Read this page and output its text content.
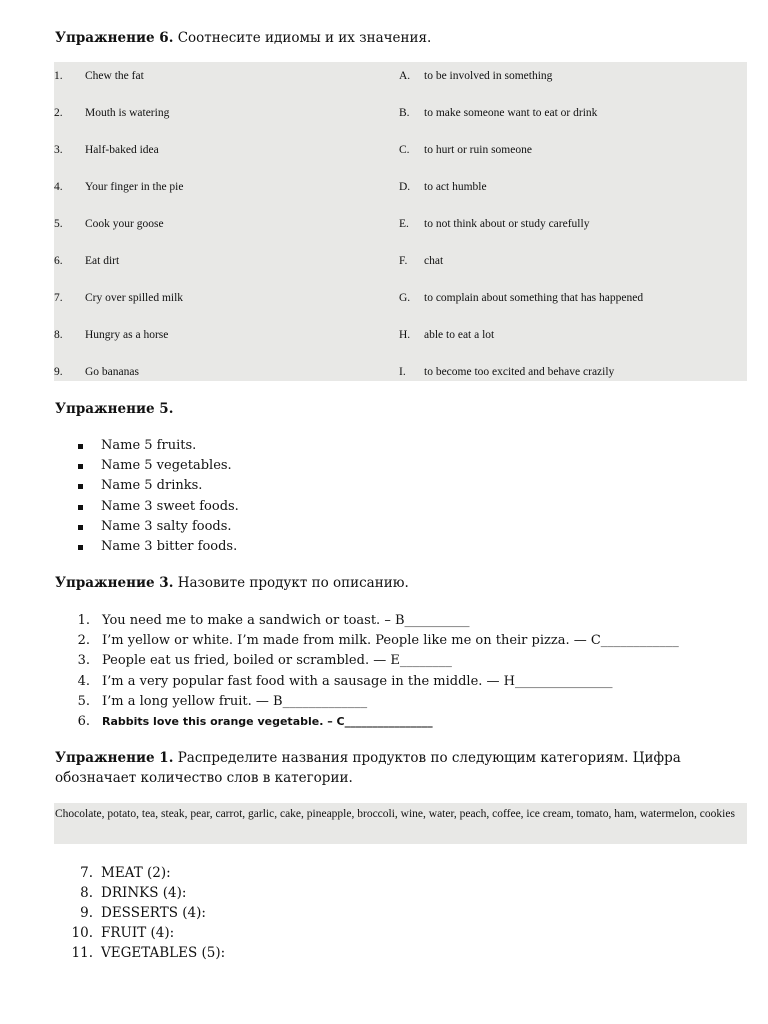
Упражнение 6. Соотнесите идиомы и их значения.

1. Chew the fat	A. to be involved in something
2. Mouth is watering	B. to make someone want to eat or drink
3. Half-baked idea	C. to hurt or ruin someone
4. Your finger in the pie	D. to act humble
5. Cook your goose	E. to not think about or study carefully
6. Eat dirt	F. chat
7. Cry over spilled milk	G. to complain about something that has happened
8. Hungry as a horse	H. able to eat a lot
9. Go bananas	I. to become too excited and behave crazily

Упражнение 5.

Name 5 fruits.
Name 5 vegetables.
Name 5 drinks.
Name 3 sweet foods.
Name 3 salty foods.
Name 3 bitter foods.

Упражнение 3. Назовите продукт по описанию.

1. You need me to make a sandwich or toast. – B__________
2. I’m yellow or white. I’m made from milk. People like me on their pizza. — C____________
3. People eat us fried, boiled or scrambled. — E________
4. I’m a very popular fast food with a sausage in the middle. — H_______________
5. I’m a long yellow fruit. — B_____________
6. Rabbits love this orange vegetable. – C________________

Упражнение 1. Распределите названия продуктов по следующим категориям. Цифра

обозначает количество слов в категории.

Chocolate, potato, tea, steak, pear, carrot, garlic, cake, pineapple, broccoli, wine, water, peach, coffee, ice cream, tomato, ham, watermelon, cookies
7. MEAT (2):
8. DRINKS (4):
9. DESSERTS (4):
10. FRUIT (4):
11. VEGETABLES (5):
